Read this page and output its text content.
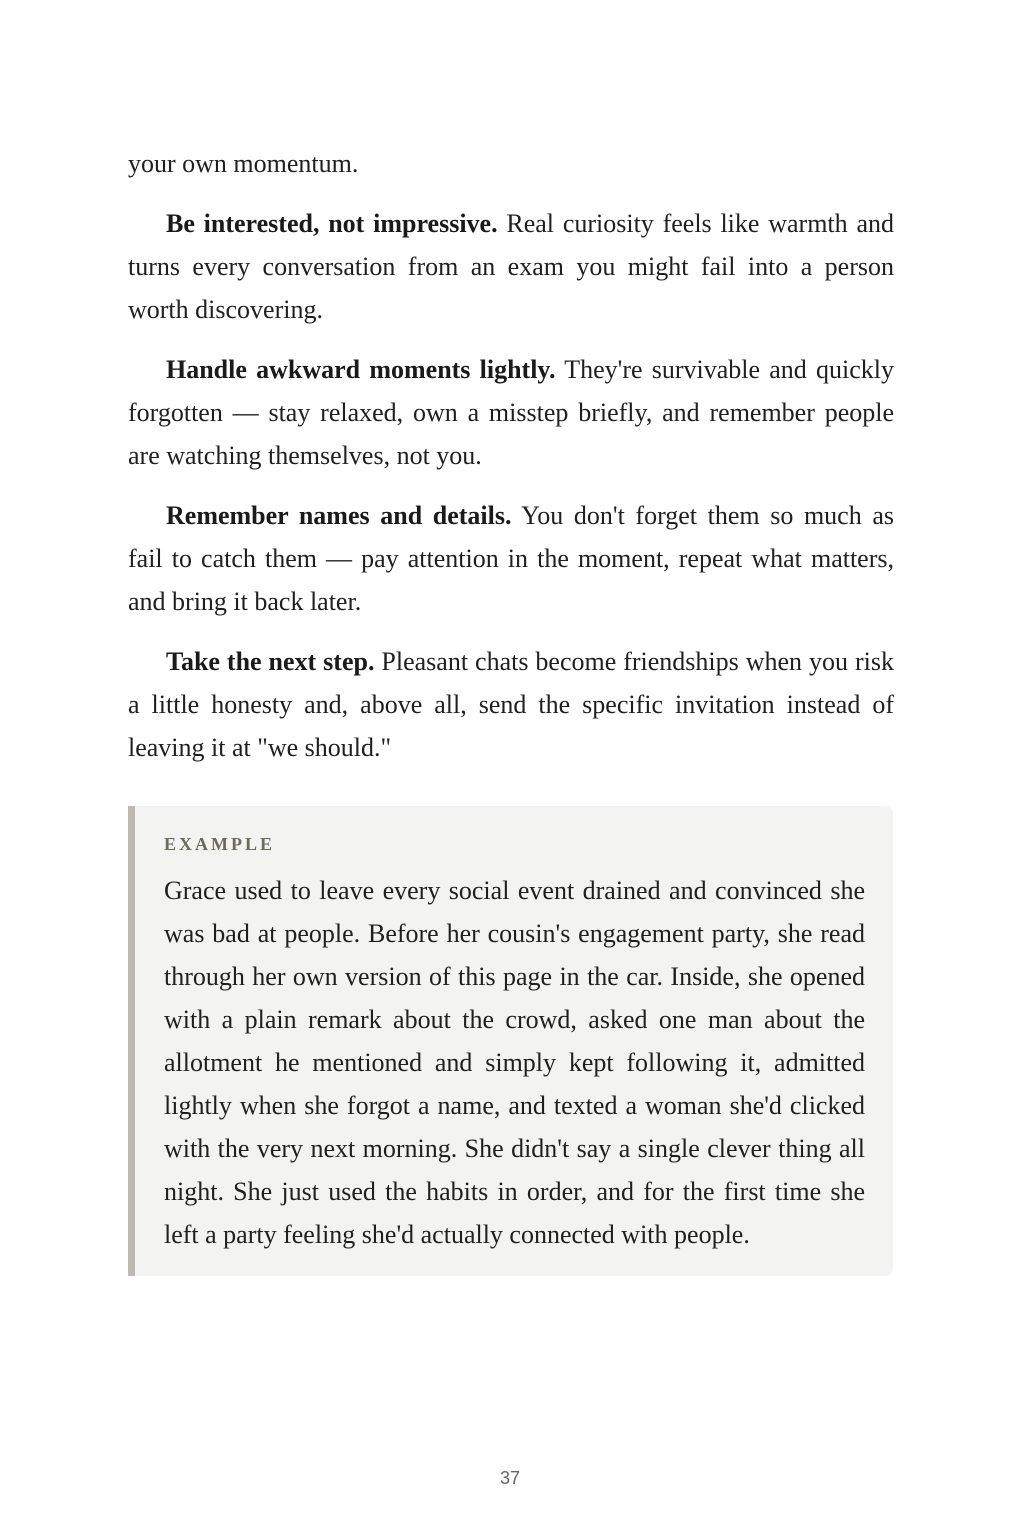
your own momentum.

Be interested, not impressive. Real curiosity feels like warmth and turns every conversation from an exam you might fail into a person worth discovering.

Handle awkward moments lightly. They're survivable and quickly forgotten — stay relaxed, own a misstep briefly, and remember people are watching themselves, not you.

Remember names and details. You don't forget them so much as fail to catch them — pay attention in the moment, repeat what matters, and bring it back later.

Take the next step. Pleasant chats become friendships when you risk a little honesty and, above all, send the specific invitation instead of leaving it at "we should."

EXAMPLE

Grace used to leave every social event drained and convinced she was bad at people. Before her cousin's engagement party, she read through her own version of this page in the car. Inside, she opened with a plain remark about the crowd, asked one man about the allotment he mentioned and simply kept following it, admitted lightly when she forgot a name, and texted a woman she'd clicked with the very next morning. She didn't say a single clever thing all night. She just used the habits in order, and for the first time she left a party feeling she'd actually connected with people.

37
